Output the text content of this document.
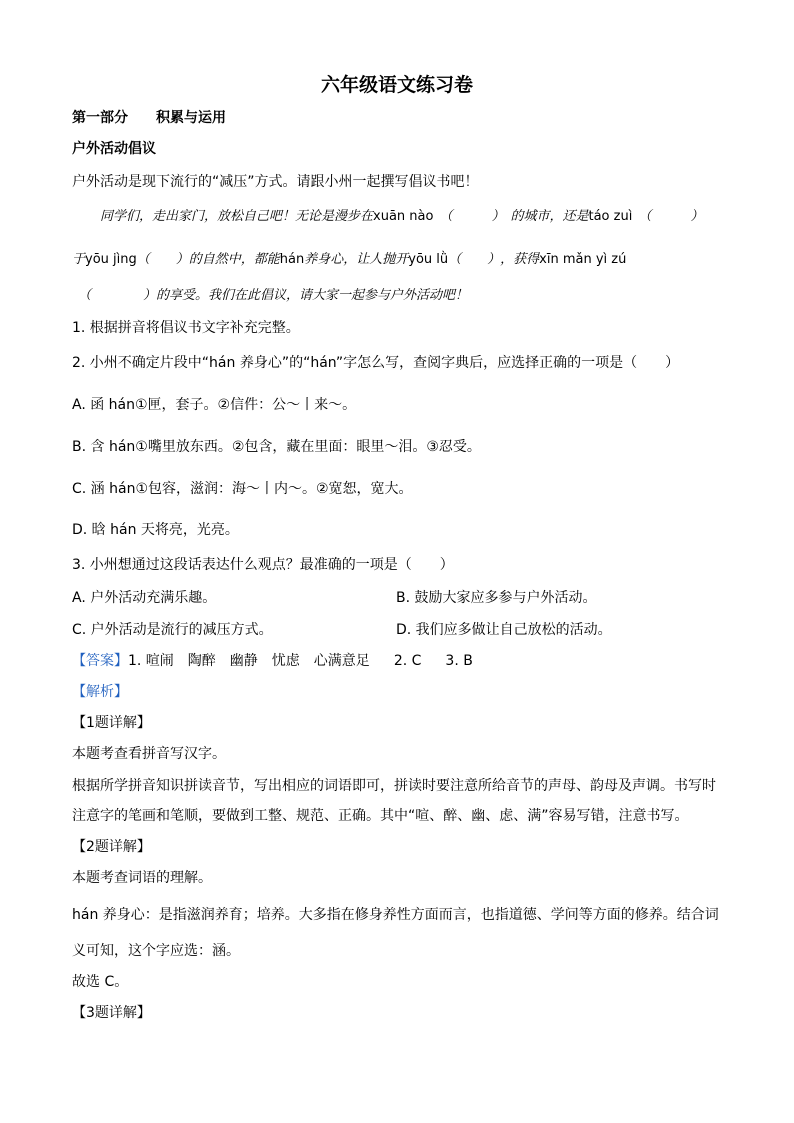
六年级语文练习卷
第一部分 积累与运用
户外活动倡议
户外活动是现下流行的“减压”方式。请跟小州一起撰写倡议书吧！
同学们，走出家门，放松自己吧！无论是漫步在xuān nào （　　　） 的城市，还是táo zuì （　　　）
于yōu jìng（　　）的自然中，都能hán养身心，让人抛开yōu lǜ（　　），获得xīn mǎn yì zú
（　　　　）的享受。我们在此倡议，请大家一起参与户外活动吧！
1. 根据拼音将倡议书文字补充完整。
2. 小州不确定片段中“hán 养身心”的“hán”字怎么写，查阅字典后，应选择正确的一项是（　　）
A. 函 hán①匣，套子。②信件：公～丨来～。
B. 含 hán①嘴里放东西。②包含，藏在里面：眼里～泪。③忍受。
C. 涵 hán①包容，滋润：海～丨内～。②宽恕，宽大。
D. 晗 hán 天将亮，光亮。
3. 小州想通过这段话表达什么观点？最准确的一项是（　　）
A. 户外活动充满乐趣。	B. 鼓励大家应多参与户外活动。
C. 户外活动是流行的减压方式。	D. 我们应多做让自己放松的活动。
【答案】1. 喧闹　陶醉　幽静　忧虑　心满意足 2. C 3. B
【解析】
【1题详解】
本题考查看拼音写汉字。
根据所学拼音知识拼读音节，写出相应的词语即可，拼读时要注意所给音节的声母、韵母及声调。书写时
注意字的笔画和笔顺，要做到工整、规范、正确。其中“喧、醉、幽、虑、满”容易写错，注意书写。
【2题详解】
本题考查词语的理解。
hán 养身心：是指滋润养育；培养。大多指在修身养性方面而言，也指道德、学问等方面的修养。结合词
义可知，这个字应选：涵。
故选 C。
【3题详解】
